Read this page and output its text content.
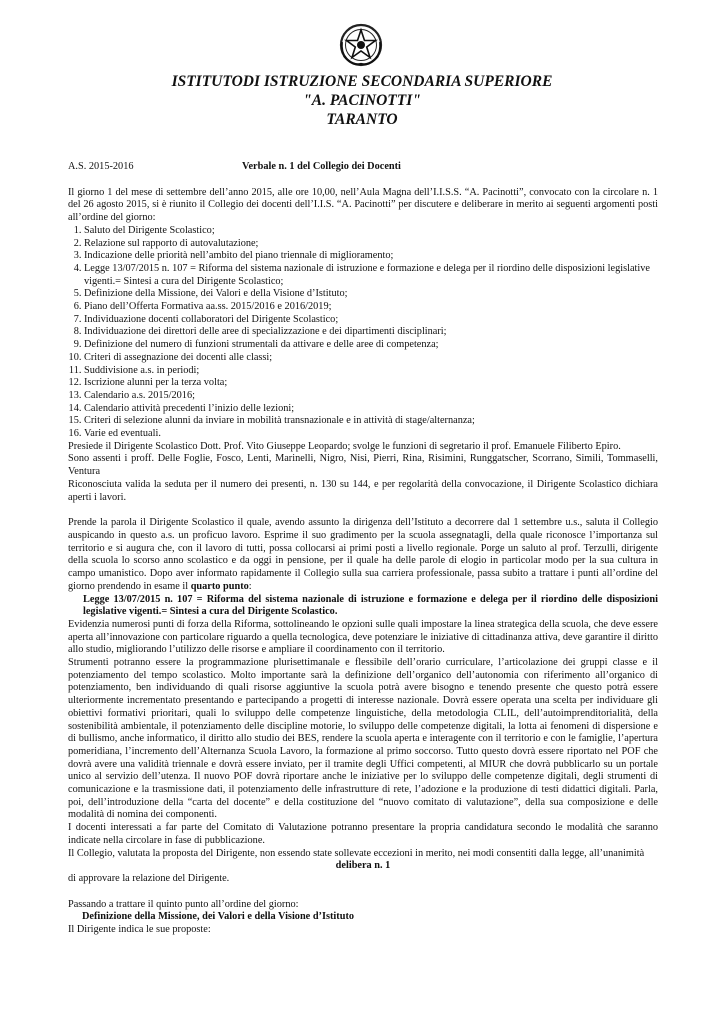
ISTITUTODI ISTRUZIONE SECONDARIA SUPERIORE
"A. PACINOTTI"
TARANTO
A.S. 2015-2016	Verbale n. 1 del Collegio dei Docenti

Il giorno 1 del mese di settembre dell’anno 2015, alle ore 10,00, nell’Aula Magna dell’I.I.S.S. “A. Pacinotti”, convocato con la circolare n. 1 del 26 agosto 2015, si è riunito il Collegio dei docenti dell’I.I.S. “A. Pacinotti” per discutere e deliberare in merito ai seguenti argomenti posti all’ordine del giorno:

1. Saluto del Dirigente Scolastico;
2. Relazione sul rapporto di autovalutazione;
3. Indicazione delle priorità nell’ambito del piano triennale di miglioramento;
4. Legge 13/07/2015 n. 107 = Riforma del sistema nazionale di istruzione e formazione e delega per il riordino delle disposizioni legislative vigenti.= Sintesi a cura del Dirigente Scolastico;
5. Definizione della Missione, dei Valori e della Visione d’Istituto;
6. Piano dell’Offerta Formativa aa.ss. 2015/2016 e 2016/2019;
7. Individuazione docenti collaboratori del Dirigente Scolastico;
8. Individuazione dei direttori delle aree di specializzazione e dei dipartimenti disciplinari;
9. Definizione del numero di funzioni strumentali da attivare e delle aree di competenza;
10. Criteri di assegnazione dei docenti alle classi;
11. Suddivisione a.s. in periodi;
12. Iscrizione alunni per la terza volta;
13. Calendario a.s. 2015/2016;
14. Calendario attività precedenti l’inizio delle lezioni;
15. Criteri di selezione alunni da inviare in mobilità transnazionale e in attività di stage/alternanza;
16. Varie ed eventuali.

Presiede il Dirigente Scolastico Dott. Prof. Vito Giuseppe Leopardo; svolge le funzioni di segretario il prof. Emanuele Filiberto Epiro.

Sono assenti i proff. Delle Foglie, Fosco, Lenti, Marinelli, Nigro, Nisi, Pierri, Rina, Risimini, Runggatscher, Scorrano, Simili, Tommaselli, Ventura

Riconosciuta valida la seduta per il numero dei presenti, n. 130 su 144, e per regolarità della convocazione, il Dirigente Scolastico dichiara aperti i lavori.

Prende la parola il Dirigente Scolastico il quale, avendo assunto la dirigenza dell’Istituto a decorrere dal 1 settembre u.s., saluta il Collegio auspicando in questo a.s. un proficuo lavoro. Esprime il suo gradimento per la scuola assegnatagli, della quale riconosce l’importanza sul territorio e si augura che, con il lavoro di tutti, possa collocarsi ai primi posti a livello regionale. Porge un saluto al prof. Terzulli, dirigente della scuola lo scorso anno scolastico e da oggi in pensione, per il quale ha delle parole di elogio in particolar modo per la sua cultura in campo umanistico. Dopo aver informato rapidamente il Collegio sulla sua carriera professionale, passa subito a trattare i punti all’ordine del giorno prendendo in esame il quarto punto:

Legge 13/07/2015 n. 107 = Riforma del sistema nazionale di istruzione e formazione e delega per il riordino delle disposizioni legislative vigenti.= Sintesi a cura del Dirigente Scolastico.

Evidenzia numerosi punti di forza della Riforma, sottolineando le opzioni sulle quali impostare la linea strategica della scuola, che deve essere aperta all’innovazione con particolare riguardo a quella tecnologica, deve potenziare le iniziative di cittadinanza attiva, deve garantire il diritto allo studio, migliorando l’utilizzo delle risorse e ampliare il coordinamento con il territorio.

Strumenti potranno essere la programmazione plurisettimanale e flessibile dell’orario curriculare, l’articolazione dei gruppi classe e il potenziamento del tempo scolastico. Molto importante sarà la definizione dell’organico dell’autonomia con riferimento all’organico di potenziamento, ben individuando di quali risorse aggiuntive la scuola potrà avere bisogno e tenendo presente che questo potrà essere ulteriormente incrementato presentando e partecipando a progetti di interesse nazionale. Dovrà essere operata una scelta per individuare gli obiettivi formativi prioritari, quali lo sviluppo delle competenze linguistiche, della metodologia CLIL, dell’autoimprenditorialità, della sostenibilità ambientale, il potenziamento delle discipline motorie, lo sviluppo delle competenze digitali, la lotta ai fenomeni di dispersione e di bullismo, anche informatico, il diritto allo studio dei BES, rendere la scuola aperta e interagente con il territorio e con le famiglie, l’apertura pomeridiana, l’incremento dell’Alternanza Scuola Lavoro, la formazione al primo soccorso. Tutto questo dovrà essere riportato nel POF che dovrà avere una validità triennale e dovrà essere inviato, per il tramite degli Uffici competenti, al MIUR che dovrà pubblicarlo su un portale unico al servizio dell’utenza. Il nuovo POF dovrà riportare anche le iniziative per lo sviluppo delle competenze digitali, degli strumenti di comunicazione e la trasmissione dati, il potenziamento delle infrastrutture di rete, l’adozione e la produzione di testi didattici digitali. Parla, poi, dell’introduzione della “carta del docente” e della costituzione del “nuovo comitato di valutazione”, della sua composizione e delle modalità di nomina dei componenti.

I docenti interessati a far parte del Comitato di Valutazione potranno presentare la propria candidatura secondo le modalità che saranno indicate nella circolare in fase di pubblicazione.

Il Collegio, valutata la proposta del Dirigente, non essendo state sollevate eccezioni in merito, nei modi consentiti dalla legge, all’unanimità

delibera n. 1

di approvare la relazione del Dirigente.

Passando a trattare il quinto punto all’ordine del giorno:

Definizione della Missione, dei Valori e della Visione d’Istituto

Il Dirigente indica le sue proposte:
